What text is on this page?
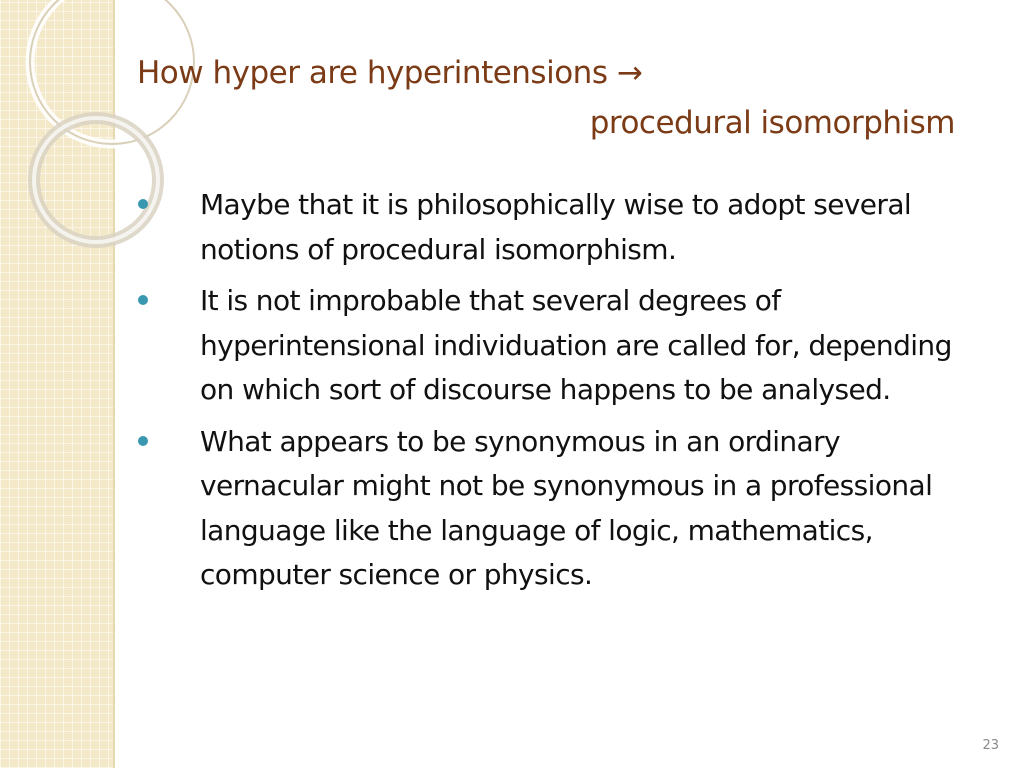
How hyper are hyperintensions →
procedural isomorphism
Maybe that it is philosophically wise to adopt several notions of procedural isomorphism.
It is not improbable that several degrees of hyperintensional individuation are called for, depending on which sort of discourse happens to be analysed.
What appears to be synonymous in an ordinary vernacular might not be synonymous in a professional language like the language of logic, mathematics, computer science or physics.
23
